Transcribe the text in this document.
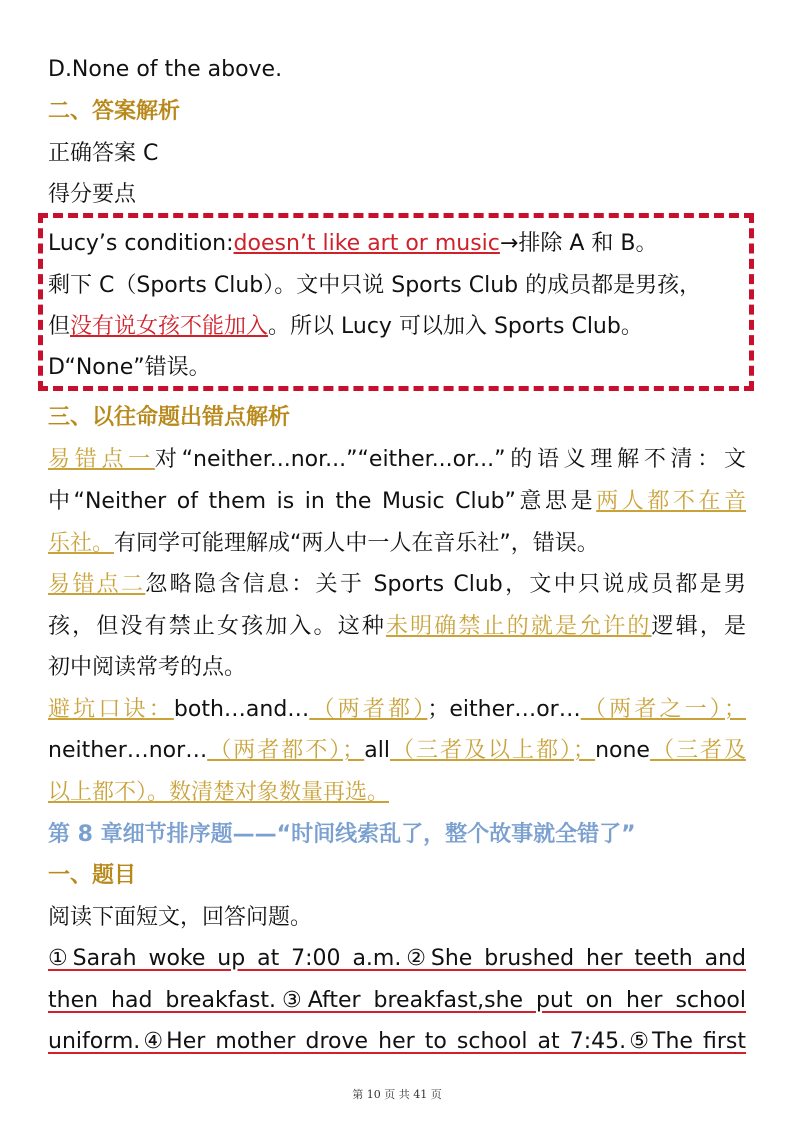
D.None of the above.
二、答案解析
正确答案 C
得分要点
Lucy’s condition:doesn’t like art or music→排除 A 和 B。
剩下 C（Sports Club）。文中只说 Sports Club 的成员都是男孩，
但没有说女孩不能加入。所以 Lucy 可以加入 Sports Club。
D“None”错误。
三、以往命题出错点解析
易错点一对“neither...nor...”“either...or...”的语义理解不清：文
中“Neither of them is in the Music Club”意思是两人都不在音
乐社。有同学可能理解成“两人中一人在音乐社”，错误。
易错点二忽略隐含信息：关于 Sports Club，文中只说成员都是男
孩，但没有禁止女孩加入。这种未明确禁止的就是允许的逻辑，是
初中阅读常考的点。
避坑口诀：both…and…（两者都）；either…or…（两者之一）；
neither…nor…（两者都不）；all（三者及以上都）；none（三者及
以上都不）。数清楚对象数量再选。
第 8 章细节排序题——“时间线索乱了，整个故事就全错了”
一、题目
阅读下面短文，回答问题。
①Sarah woke up at 7:00 a.m.②She brushed her teeth and
then had breakfast.③After breakfast,she put on her school
uniform.④Her mother drove her to school at 7:45.⑤The first
第 10 页 共 41 页
